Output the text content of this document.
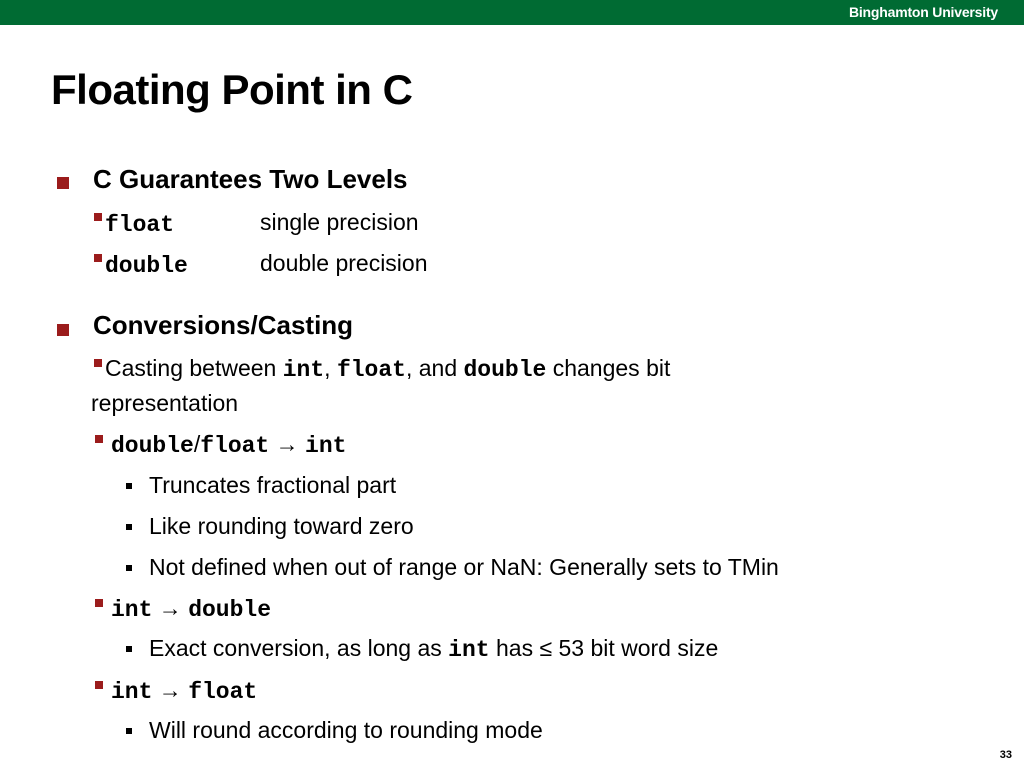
Binghamton University
Floating Point in C
C Guarantees Two Levels
float	single precision
double	double precision
Conversions/Casting
Casting between int, float, and double changes bit
representation
double/float → int
Truncates fractional part
Like rounding toward zero
Not defined when out of range or NaN: Generally sets to TMin
int → double
Exact conversion, as long as int has ≤ 53 bit word size
int → float
Will round according to rounding mode
33
